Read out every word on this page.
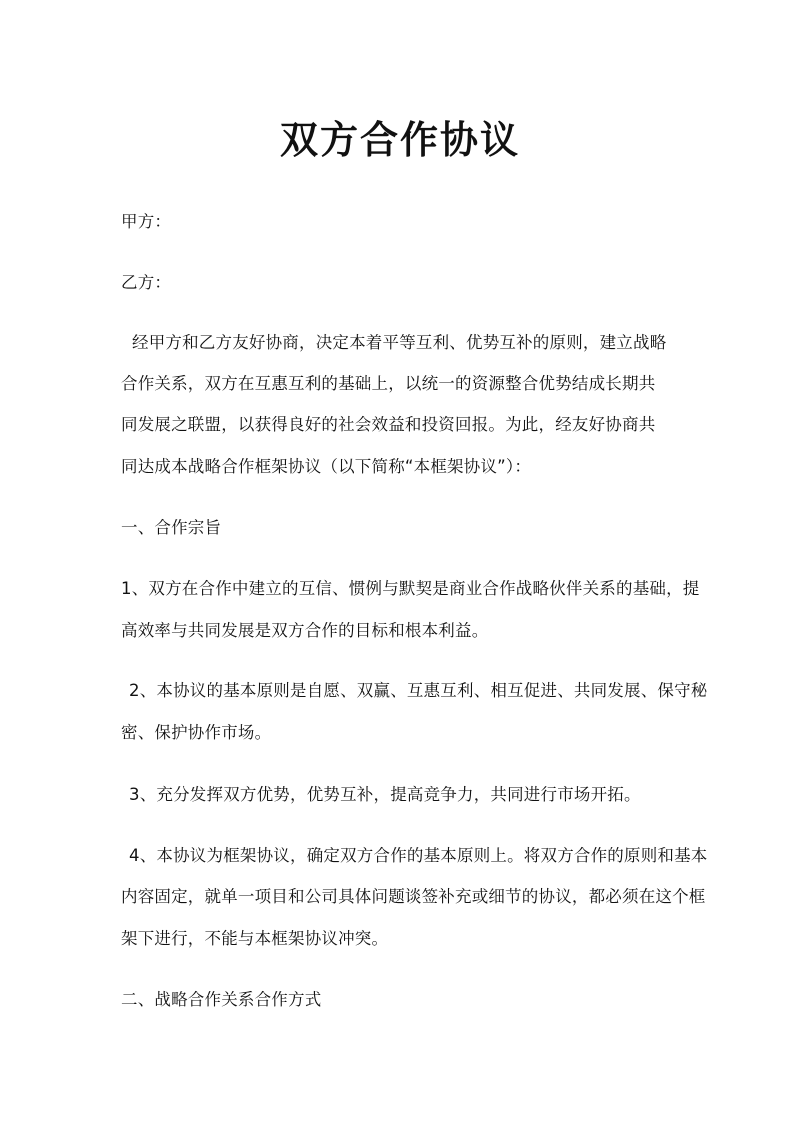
双方合作协议

甲方：

乙方：

经甲方和乙方友好协商，决定本着平等互利、优势互补的原则，建立战略

合作关系，双方在互惠互利的基础上，以统一的资源整合优势结成长期共

同发展之联盟，以获得良好的社会效益和投资回报。为此，经友好协商共

同达成本战略合作框架协议（以下简称“本框架协议”）：

一、合作宗旨

1、双方在合作中建立的互信、惯例与默契是商业合作战略伙伴关系的基础，提

高效率与共同发展是双方合作的目标和根本利益。

2、本协议的基本原则是自愿、双赢、互惠互利、相互促进、共同发展、保守秘

密、保护协作市场。

3、充分发挥双方优势，优势互补，提高竞争力，共同进行市场开拓。

4、本协议为框架协议，确定双方合作的基本原则上。将双方合作的原则和基本

内容固定，就单一项目和公司具体问题谈签补充或细节的协议，都必须在这个框

架下进行，不能与本框架协议冲突。

二、战略合作关系合作方式
